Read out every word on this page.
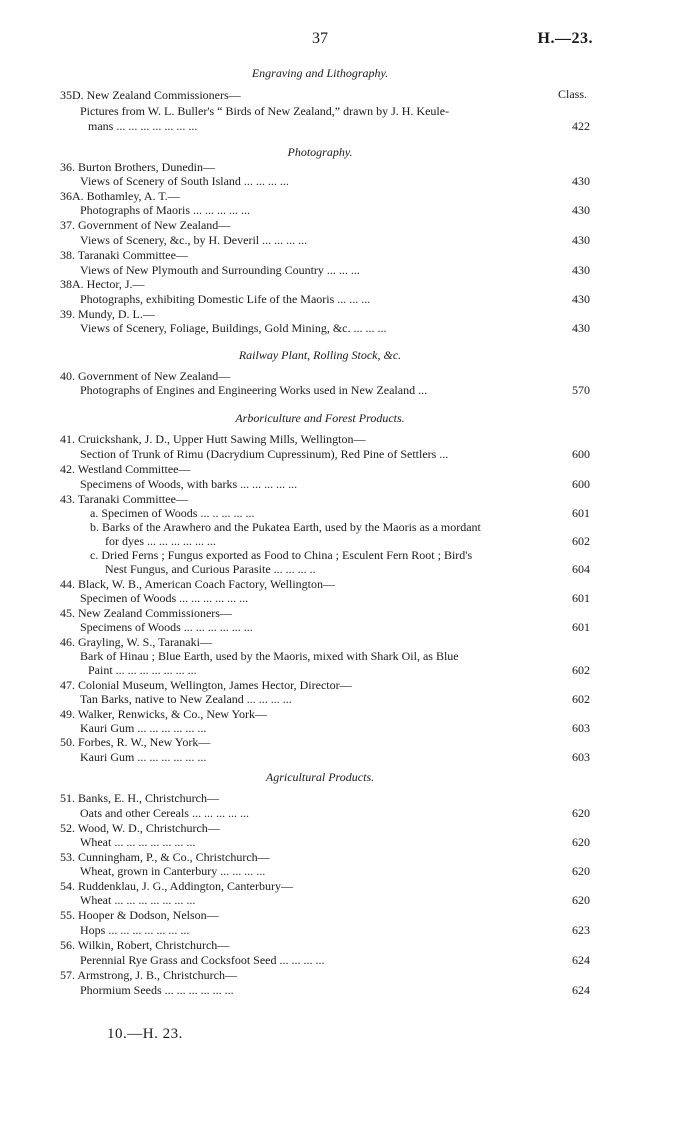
37	H.—23.
Engraving and Lithography.
Class.
35D. New Zealand Commissioners—
Pictures from W. L. Buller's “ Birds of New Zealand,” drawn by J. H. Keule-
mans ... ... ... ... ... ... ...	422
36. Burton Brothers, Dunedin—
Views of Scenery of South Island ... ... ... ...	430
36A. Bothamley, A. T.—
Photographs of Maoris ... ... ... ... ...	430
37. Government of New Zealand—
Views of Scenery, &c., by H. Deveril ... ... ... ...	430
38. Taranaki Committee—
Views of New Plymouth and Surrounding Country ... ... ...	430
38A. Hector, J.—
Photographs, exhibiting Domestic Life of the Maoris ... ... ...	430
39. Mundy, D. L.—
Views of Scenery, Foliage, Buildings, Gold Mining, &c. ... ... ...	430
40. Government of New Zealand—
Photographs of Engines and Engineering Works used in New Zealand ...	570
41. Cruickshank, J. D., Upper Hutt Sawing Mills, Wellington—
Section of Trunk of Rimu (Dacrydium Cupressinum), Red Pine of Settlers ...	600
42. Westland Committee—
Specimens of Woods, with barks ... ... ... ... ...	600
43. Taranaki Committee—
a. Specimen of Woods ... .. ... ... ...	601
b. Barks of the Arawhero and the Pukatea Earth, used by the Maoris as a mordant
for dyes ... ... ... ... ... ...	602
c. Dried Ferns ; Fungus exported as Food to China ; Esculent Fern Root ; Bird's
Nest Fungus, and Curious Parasite ... ... ... ..	604
44. Black, W. B., American Coach Factory, Wellington—
Specimen of Woods ... ... ... ... ... ...	601
45. New Zealand Commissioners—
Specimens of Woods ... ... ... ... ... ...	601
46. Grayling, W. S., Taranaki—
Bark of Hinau ; Blue Earth, used by the Maoris, mixed with Shark Oil, as Blue
Paint ... ... ... ... ... ... ...	602
47. Colonial Museum, Wellington, James Hector, Director—
Tan Barks, native to New Zealand ... ... ... ...	602
49. Walker, Renwicks, & Co., New York—
Kauri Gum ... ... ... ... ... ...	603
50. Forbes, R. W., New York—
Kauri Gum ... ... ... ... ... ...	603
51. Banks, E. H., Christchurch—
Oats and other Cereals ... ... ... ... ...	620
52. Wood, W. D., Christchurch—
Wheat ... ... ... ... ... ... ...	620
53. Cunningham, P., & Co., Christchurch—
Wheat, grown in Canterbury ... ... ... ...	620
54. Ruddenklau, J. G., Addington, Canterbury—
Wheat ... ... ... ... ... ... ...	620
55. Hooper & Dodson, Nelson—
Hops ... ... ... ... ... ... ...	623
56. Wilkin, Robert, Christchurch—
Perennial Rye Grass and Cocksfoot Seed ... ... ... ...	624
57. Armstrong, J. B., Christchurch—
Phormium Seeds ... ... ... ... ... ...	624
Photography.
Railway Plant, Rolling Stock, &c.
Arboriculture and Forest Products.
Agricultural Products.
10.—H. 23.
